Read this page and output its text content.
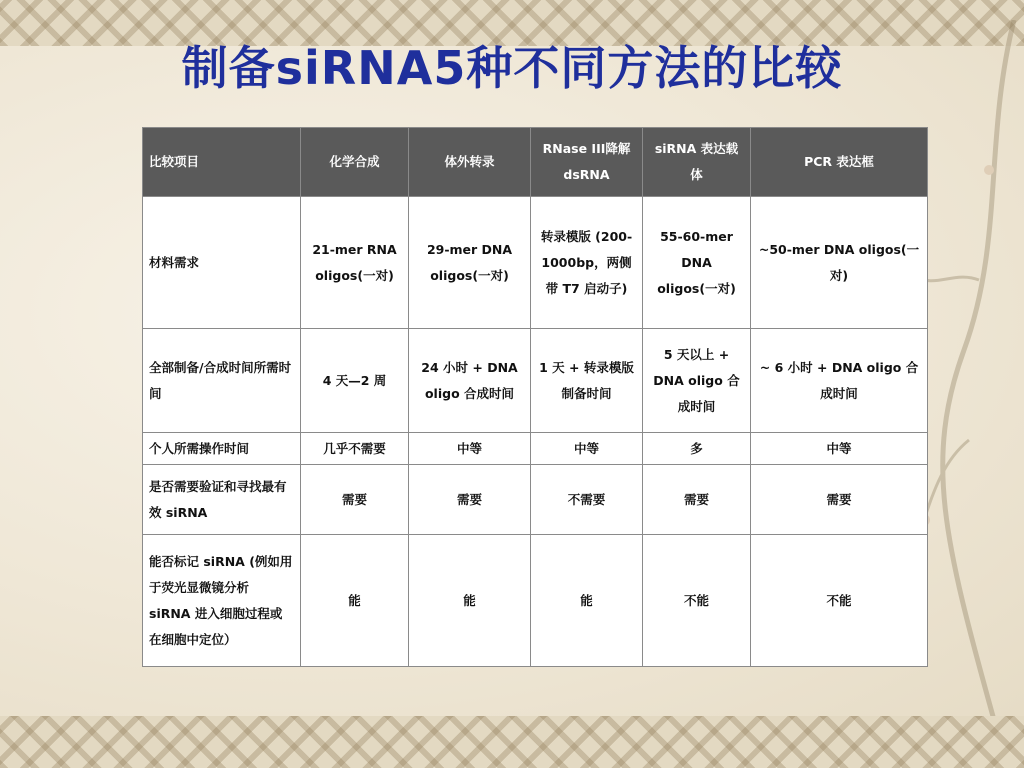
制备siRNA5种不同方法的比较
比较项目	化学合成	体外转录	RNase III降解 dsRNA	siRNA 表达载体	PCR 表达框
材料需求	21-mer RNA oligos(一对)	29-mer DNA oligos(一对)	转录模版 (200-1000bp，两侧带 T7 启动子)	55-60-mer DNA oligos(一对)	~50-mer DNA oligos(一对)
全部制备/合成时间所需时间	4 天—2 周	24 小时 + DNA oligo 合成时间	1 天 + 转录模版制备时间	5 天以上 + DNA oligo 合成时间	~ 6 小时 + DNA oligo 合成时间
个人所需操作时间	几乎不需要	中等	中等	多	中等
是否需要验证和寻找最有效 siRNA	需要	需要	不需要	需要	需要
能否标记 siRNA (例如用于荧光显微镜分析 siRNA 进入细胞过程或在细胞中定位）	能	能	能	不能	不能
